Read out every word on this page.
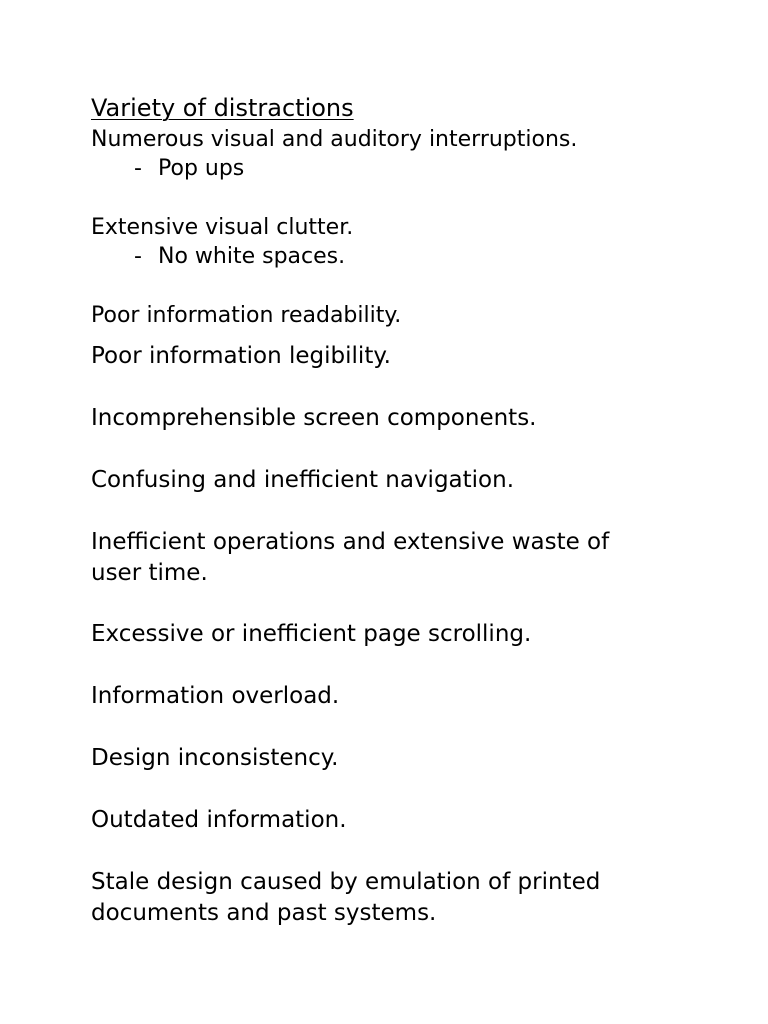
Variety of distractions
Numerous visual and auditory interruptions.
- Pop ups
Extensive visual clutter.
- No white spaces.
Poor information readability.
Poor information legibility.
Incomprehensible screen components.
Confusing and inefficient navigation.
Inefficient operations and extensive waste of
user time.
Excessive or inefficient page scrolling.
Information overload.
Design inconsistency.
Outdated information.
Stale design caused by emulation of printed
documents and past systems.
